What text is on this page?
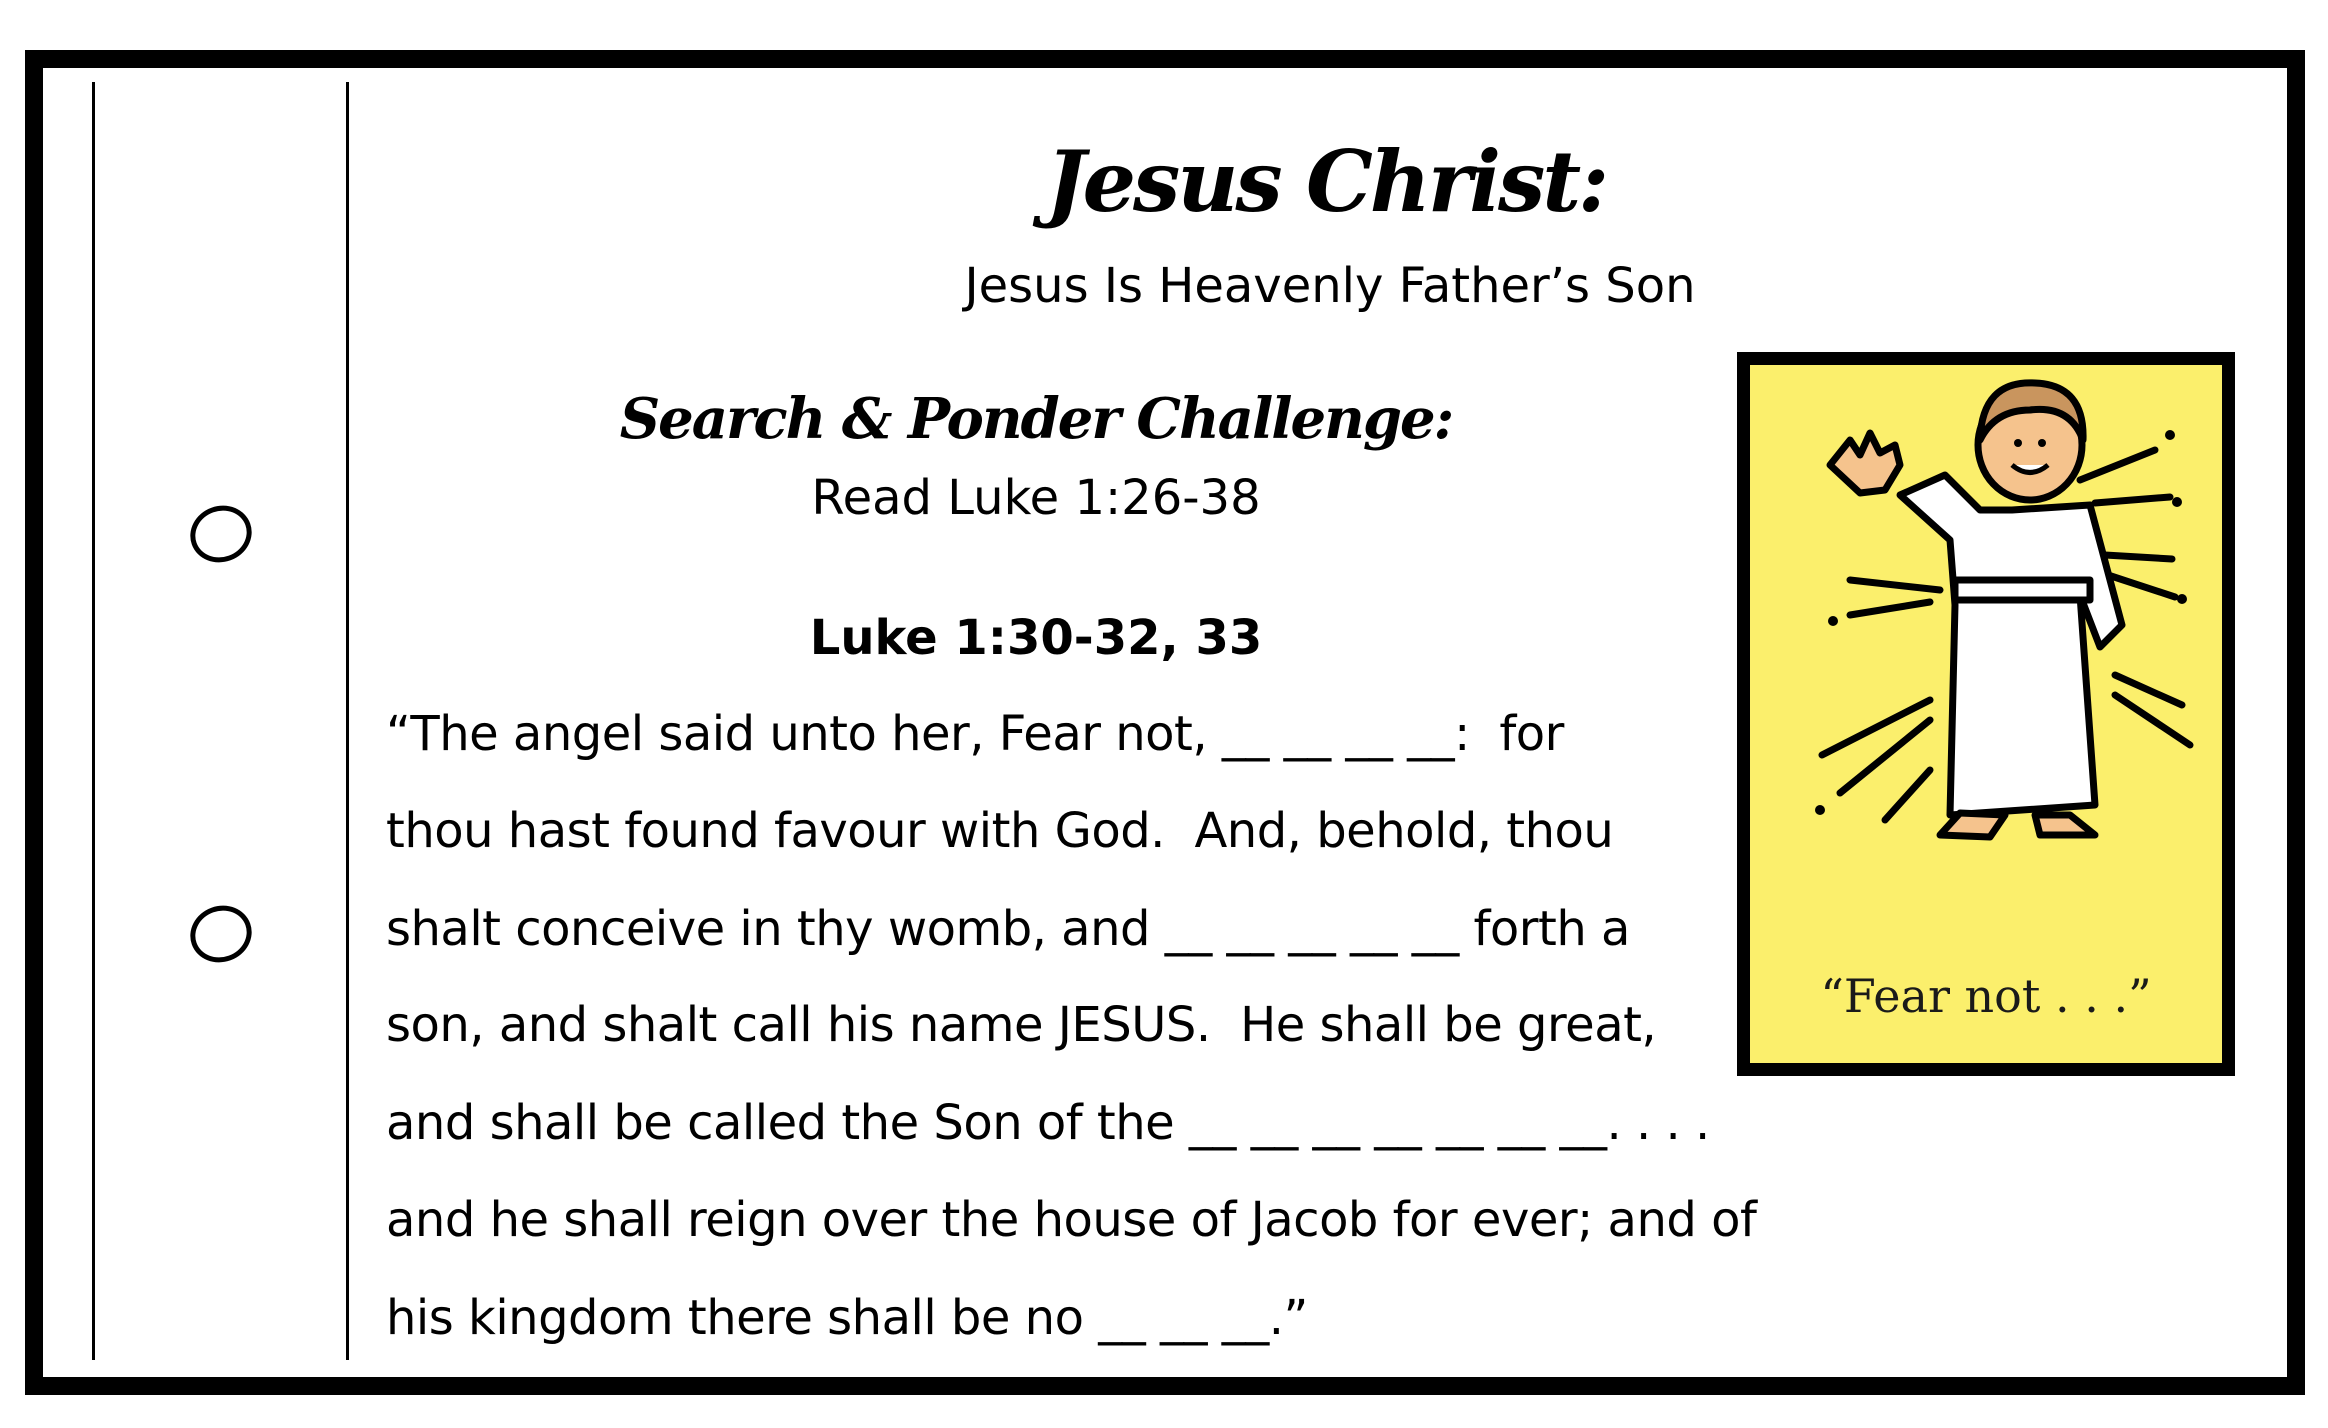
Jesus Christ:
Jesus Is Heavenly Father’s Son
Search & Ponder Challenge:
Read Luke 1:26-38
Luke 1:30-32, 33
“The angel said unto her, Fear not, __ __ __ __:  for
thou hast found favour with God.  And, behold, thou
shalt conceive in thy womb, and __ __ __ __ __ forth a
son, and shalt call his name JESUS.  He shall be great,
and shall be called the Son of the __ __ __ __ __ __ __. . . .
and he shall reign over the house of Jacob for ever; and of
his kingdom there shall be no __ __ __.”
“Fear not . . .”
